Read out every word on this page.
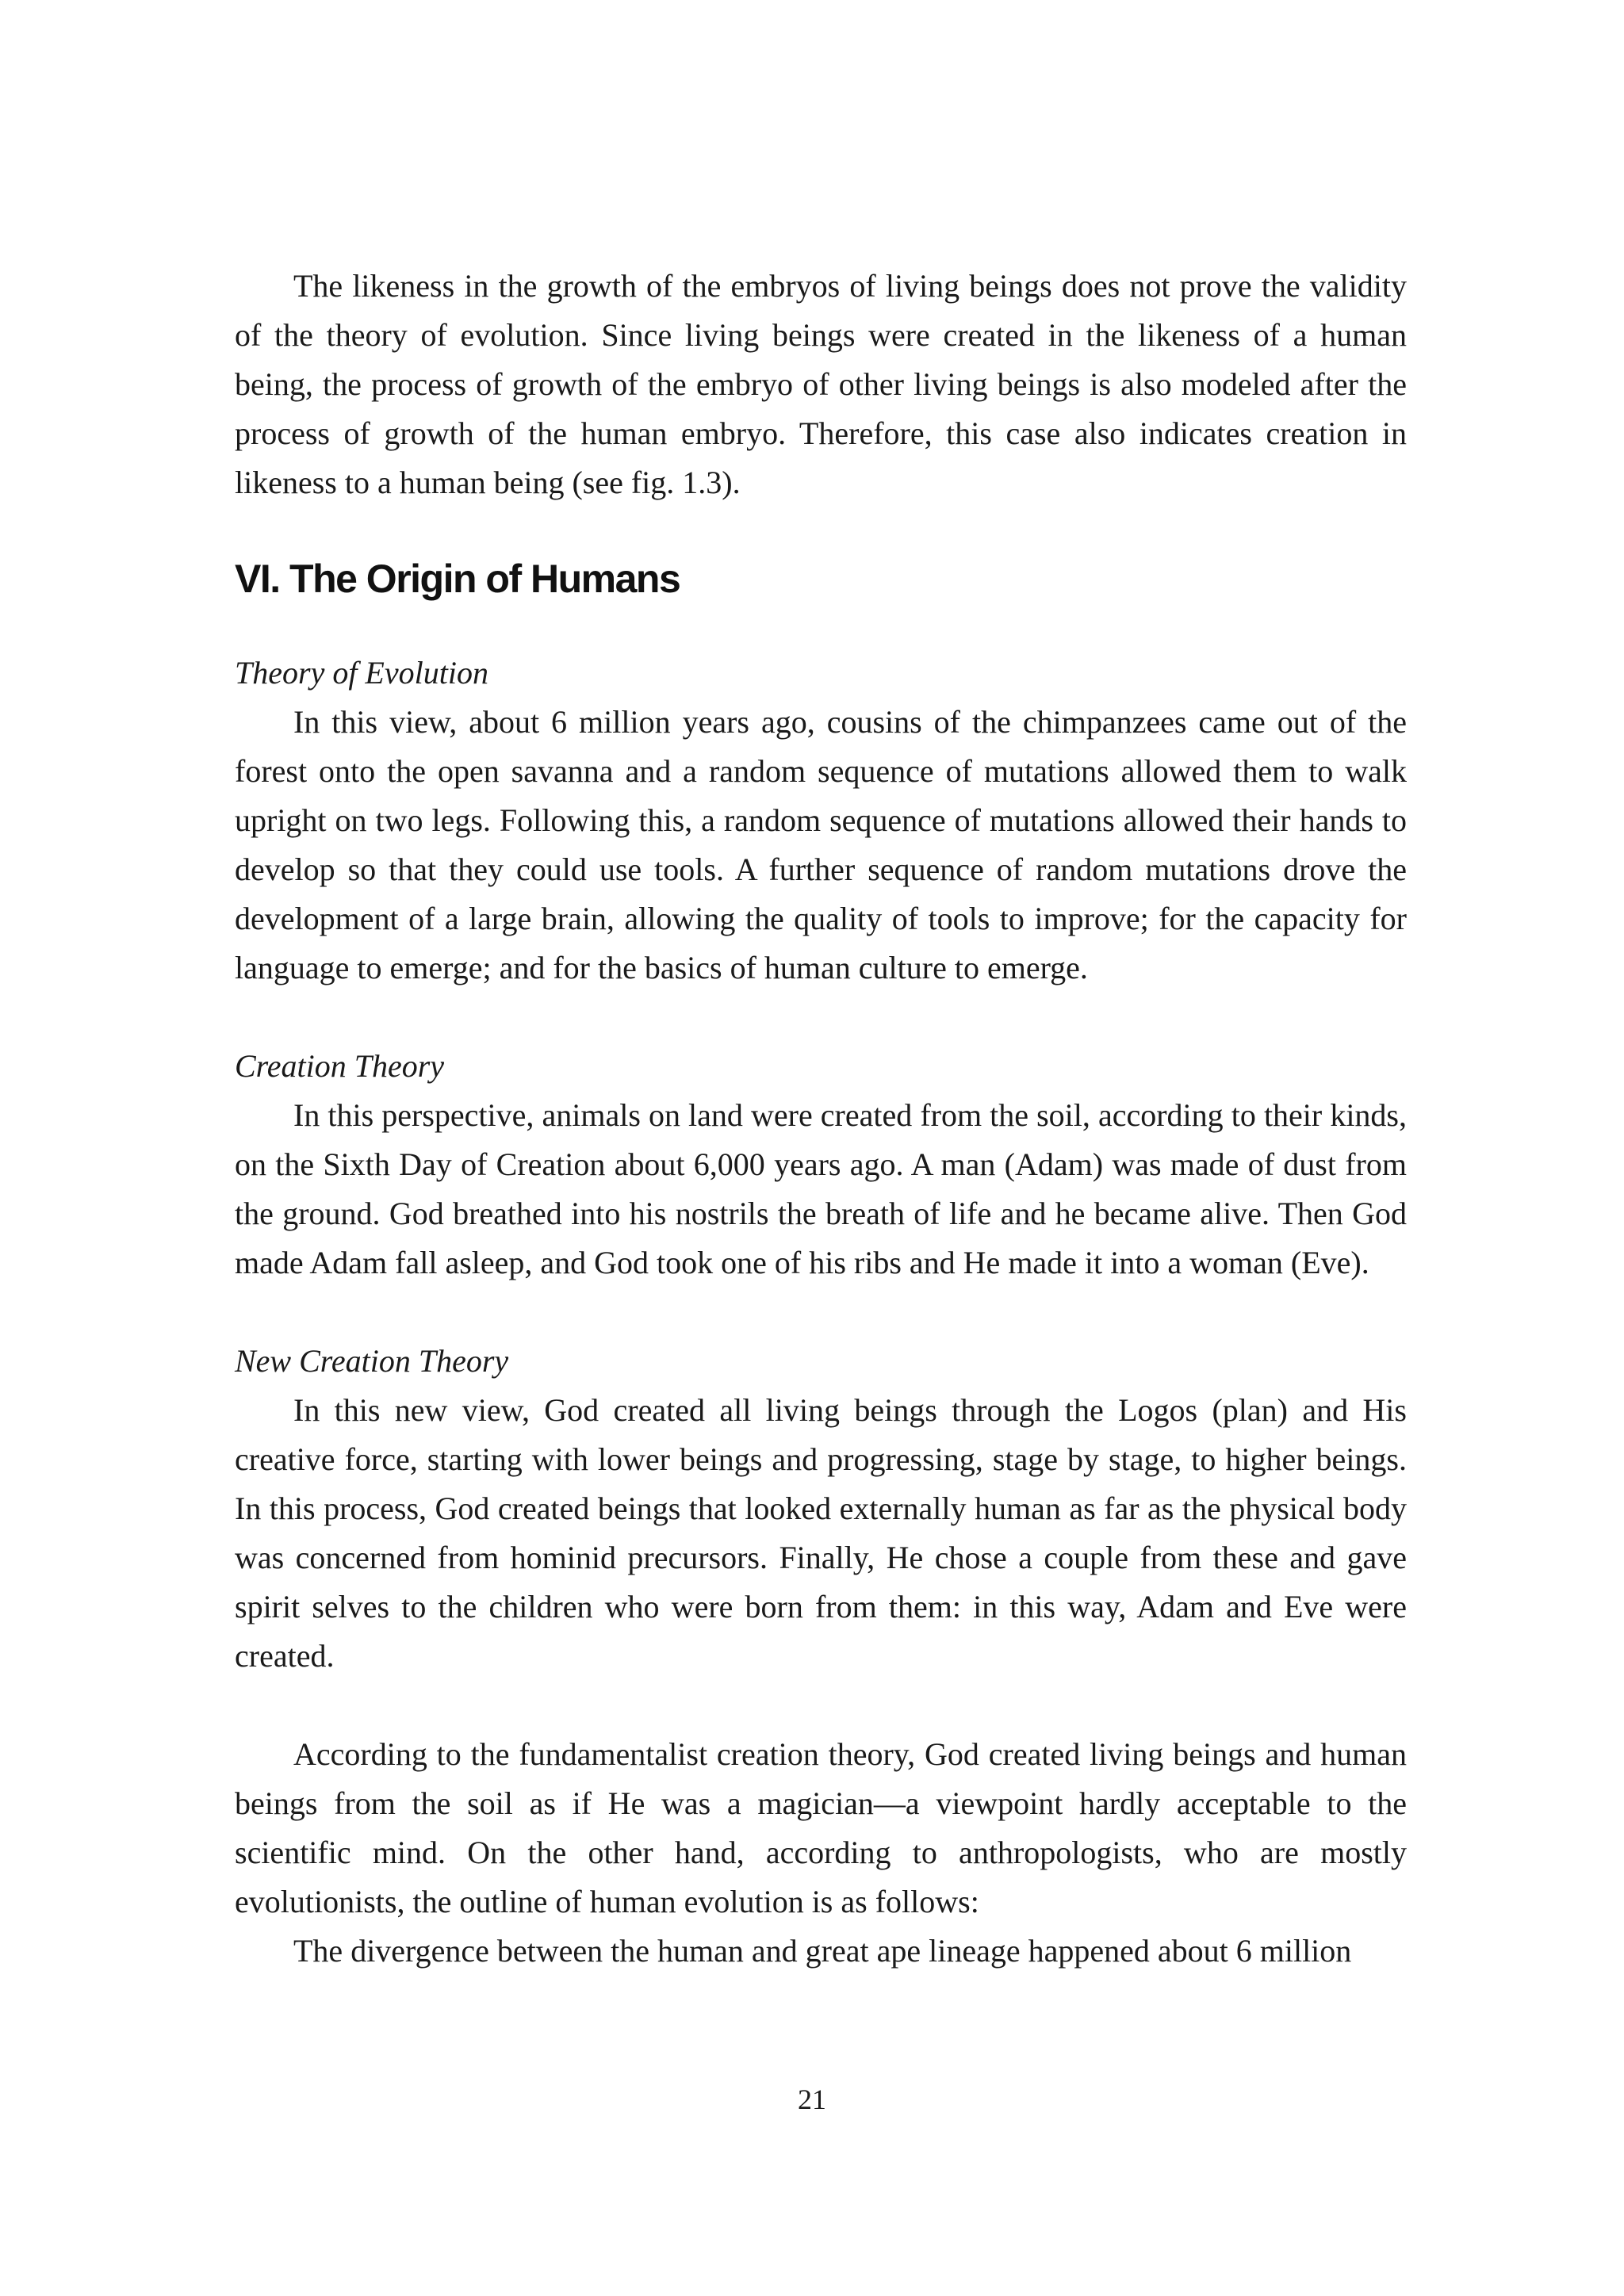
The likeness in the growth of the embryos of living beings does not prove the validity of the theory of evolution. Since living beings were created in the likeness of a human being, the process of growth of the embryo of other living beings is also modeled after the process of growth of the human embryo. Therefore, this case also indicates creation in likeness to a human being (see fig. 1.3).

VI. The Origin of Humans
Theory of Evolution

In this view, about 6 million years ago, cousins of the chimpanzees came out of the forest onto the open savanna and a random sequence of mutations allowed them to walk upright on two legs. Following this, a random sequence of mutations allowed their hands to develop so that they could use tools. A further sequence of random mutations drove the development of a large brain, allowing the quality of tools to improve; for the capacity for language to emerge; and for the basics of human culture to emerge.

Creation Theory

In this perspective, animals on land were created from the soil, according to their kinds, on the Sixth Day of Creation about 6,000 years ago. A man (Adam) was made of dust from the ground. God breathed into his nostrils the breath of life and he became alive. Then God made Adam fall asleep, and God took one of his ribs and He made it into a woman (Eve).

New Creation Theory

In this new view, God created all living beings through the Logos (plan) and His creative force, starting with lower beings and progressing, stage by stage, to higher beings. In this process, God created beings that looked externally human as far as the physical body was concerned from hominid precursors. Finally, He chose a couple from these and gave spirit selves to the children who were born from them: in this way, Adam and Eve were created.

According to the fundamentalist creation theory, God created living beings and human beings from the soil as if He was a magician—a viewpoint hardly acceptable to the scientific mind. On the other hand, according to anthropologists, who are mostly evolutionists, the outline of human evolution is as follows:

The divergence between the human and great ape lineage happened about 6 million

21
